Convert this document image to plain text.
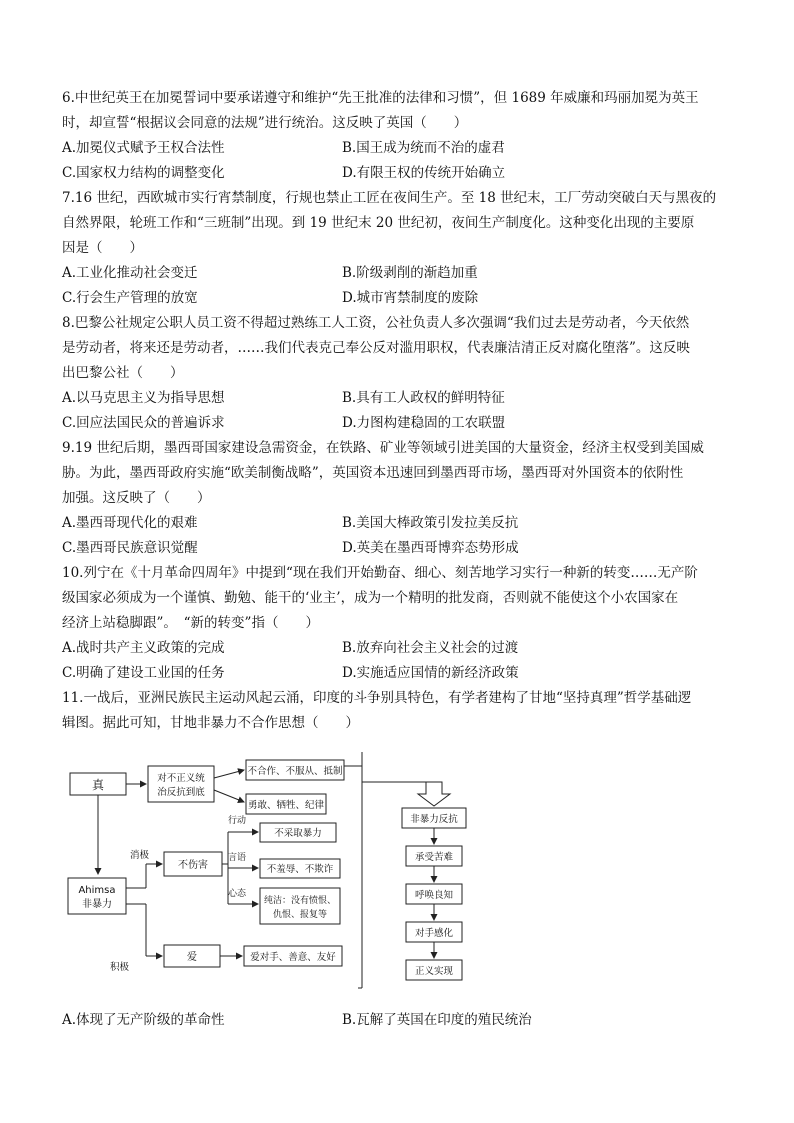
6.中世纪英王在加冕誓词中要承诺遵守和维护“先王批准的法律和习惯”，但 1689 年威廉和玛丽加冕为英王
时，却宣誓“根据议会同意的法规”进行统治。这反映了英国（　　）
A.加冕仪式赋予王权合法性	B.国王成为统而不治的虚君
C.国家权力结构的调整变化	D.有限王权的传统开始确立
7.16 世纪，西欧城市实行宵禁制度，行规也禁止工匠在夜间生产。至 18 世纪末，工厂劳动突破白天与黑夜的
自然界限，轮班工作和“三班制”出现。到 19 世纪末 20 世纪初，夜间生产制度化。这种变化出现的主要原
因是（　　）
A.工业化推动社会变迁	B.阶级剥削的渐趋加重
C.行会生产管理的放宽	D.城市宵禁制度的废除
8.巴黎公社规定公职人员工资不得超过熟练工人工资，公社负责人多次强调“我们过去是劳动者，今天依然
是劳动者，将来还是劳动者，……我们代表克己奉公反对滥用职权，代表廉洁清正反对腐化堕落”。这反映
出巴黎公社（　　）
A.以马克思主义为指导思想	B.具有工人政权的鲜明特征
C.回应法国民众的普遍诉求	D.力图构建稳固的工农联盟
9.19 世纪后期，墨西哥国家建设急需资金，在铁路、矿业等领域引进美国的大量资金，经济主权受到美国威
胁。为此，墨西哥政府实施“欧美制衡战略”，英国资本迅速回到墨西哥市场，墨西哥对外国资本的依附性
加强。这反映了（　　）
A.墨西哥现代化的艰难	B.美国大棒政策引发拉美反抗
C.墨西哥民族意识觉醒	D.英美在墨西哥博弈态势形成
10.列宁在《十月革命四周年》中提到“现在我们开始勤奋、细心、刻苦地学习实行一种新的转变……无产阶
级国家必须成为一个谨慎、勤勉、能干的‘业主’，成为一个精明的批发商，否则就不能使这个小农国家在
经济上站稳脚跟”。　“新的转变”指（　　）
A.战时共产主义政策的完成	B.放弃向社会主义社会的过渡
C.明确了建设工业国的任务	D.实施适应国情的新经济政策
11.一战后，亚洲民族民主运动风起云涌，印度的斗争别具特色，有学者建构了甘地“坚持真理”哲学基础逻
辑图。据此可知，甘地非暴力不合作思想（　　）
真	对不正义统
治反抗到底
不合作、不服从、抵制
勇敢、牺牲、纪律
Ahimsa
非暴力
消极
积极
不伤害
行动
言语
心态
不采取暴力
不羞辱、不欺诈
纯洁：没有愤恨、
仇恨、报复等
爱	爱对手、善意、友好
非暴力反抗
承受苦难
呼唤良知
对手感化
正义实现
A.体现了无产阶级的革命性	B.瓦解了英国在印度的殖民统治
